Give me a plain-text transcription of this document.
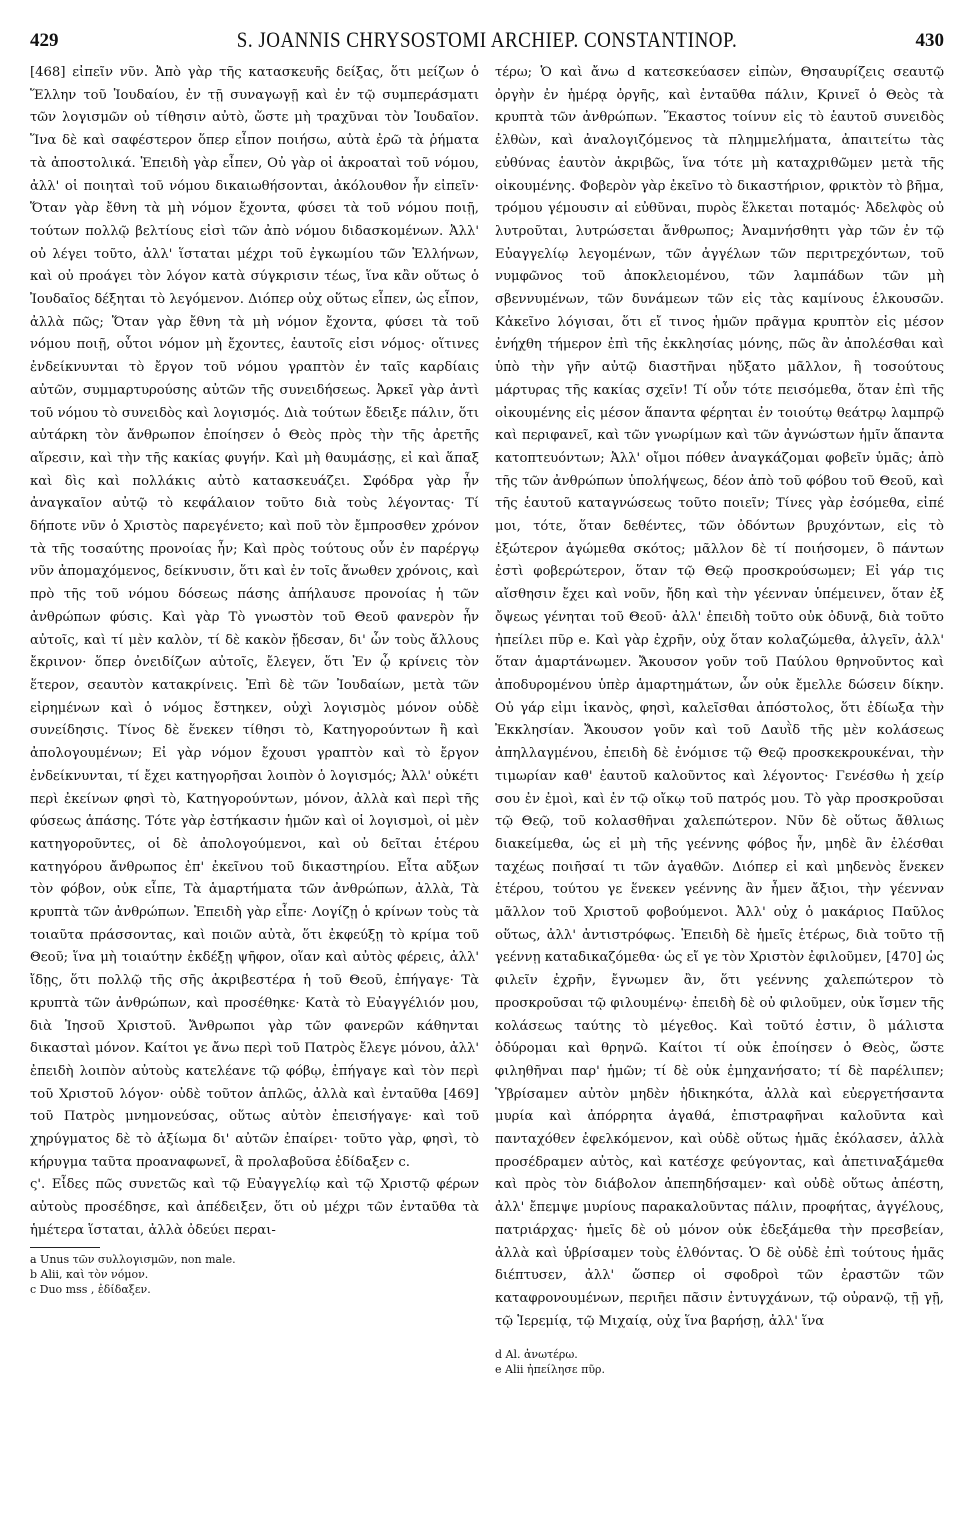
429	S. JOANNIS CHRYSOSTOMI ARCHIEP. CONSTANTINOP.	430

[468] εἰπεῖν νῦν. Ἀπὸ γὰρ τῆς κατασκευῆς δείξας, ὅτι μείζων ὁ Ἕλλην τοῦ Ἰουδαίου, ἐν τῇ συναγωγῇ καὶ ἐν τῷ συμπεράσματι τῶν λογισμῶν οὐ τίθησιν αὐτὸ, ὥστε μὴ τραχῦναι τὸν Ἰουδαῖον. Ἵνα δὲ καὶ σαφέστερον ὅπερ εἶπον ποιήσω, αὐτὰ ἐρῶ τὰ ῥήματα τὰ ἀποστολικά. Ἐπειδὴ γὰρ εἶπεν, Οὐ γὰρ οἱ ἀκροαταὶ τοῦ νόμου, ἀλλ' οἱ ποιηταὶ τοῦ νόμου δικαιωθήσονται, ἀκόλουθον ἦν εἰπεῖν· Ὅταν γὰρ ἔθνη τὰ μὴ νόμον ἔχοντα, φύσει τὰ τοῦ νόμου ποιῇ, τούτων πολλῷ βελτίους εἰσὶ τῶν ἀπὸ νόμου διδασκομένων. Ἀλλ' οὐ λέγει τοῦτο, ἀλλ' ἵσταται μέχρι τοῦ ἐγκωμίου τῶν Ἑλλήνων, καὶ οὐ προάγει τὸν λόγον κατὰ σύγκρισιν τέως, ἵνα κἂν οὕτως ὁ Ἰουδαῖος δέξηται τὸ λεγόμενον. Διόπερ οὐχ οὕτως εἶπεν, ὡς εἶπον, ἀλλὰ πῶς; Ὅταν γὰρ ἔθνη τὰ μὴ νόμον ἔχοντα, φύσει τὰ τοῦ νόμου ποιῇ, οὗτοι νόμον μὴ ἔχοντες, ἑαυτοῖς εἰσι νόμος· οἵτινες ἐνδείκνυνται τὸ ἔργον τοῦ νόμου γραπτὸν ἐν ταῖς καρδίαις αὐτῶν, συμμαρτυρούσης αὐτῶν τῆς συνειδήσεως. Ἀρκεῖ γὰρ ἀντὶ τοῦ νόμου τὸ συνειδὸς καὶ λογισμός. Διὰ τούτων ἔδειξε πάλιν, ὅτι αὐτάρκη τὸν ἄνθρωπον ἐποίησεν ὁ Θεὸς πρὸς τὴν τῆς ἀρετῆς αἵρεσιν, καὶ τὴν τῆς κακίας φυγήν. Καὶ μὴ θαυμάσῃς, εἰ καὶ ἅπαξ καὶ δὶς καὶ πολλάκις αὐτὸ κατασκευάζει. Σφόδρα γὰρ ἦν ἀναγκαῖον αὐτῷ τὸ κεφάλαιον τοῦτο διὰ τοὺς λέγοντας· Τί δήποτε νῦν ὁ Χριστὸς παρεγένετο; καὶ ποῦ τὸν ἔμπροσθεν χρόνον τὰ τῆς τοσαύτης προνοίας ἦν; Καὶ πρὸς τούτους οὖν ἐν παρέργῳ νῦν ἀπομαχόμενος, δείκνυσιν, ὅτι καὶ ἐν τοῖς ἄνωθεν χρόνοις, καὶ πρὸ τῆς τοῦ νόμου δόσεως πάσης ἀπήλαυσε προνοίας ἡ τῶν ἀνθρώπων φύσις. Καὶ γὰρ Τὸ γνωστὸν τοῦ Θεοῦ φανερὸν ἦν αὐτοῖς, καὶ τί μὲν καλὸν, τί δὲ κακὸν ᾔδεσαν, δι' ὧν τοὺς ἄλλους ἔκρινον· ὅπερ ὀνειδίζων αὐτοῖς, ἔλεγεν, ὅτι Ἐν ᾧ κρίνεις τὸν ἕτερον, σεαυτὸν κατακρίνεις. Ἐπὶ δὲ τῶν Ἰουδαίων, μετὰ τῶν εἰρημένων καὶ ὁ νόμος ἔστηκεν, οὐχὶ λογισμὸς μόνον οὐδὲ συνείδησις. Τίνος δὲ ἕνεκεν τίθησι τὸ, Κατηγορούντων ἢ καὶ ἀπολογουμένων; Εἰ γὰρ νόμον ἔχουσι γραπτὸν καὶ τὸ ἔργον ἐνδείκνυνται, τί ἔχει κατηγορῆσαι λοιπὸν ὁ λογισμός; Ἀλλ' οὐκέτι περὶ ἐκείνων φησὶ τὸ, Κατηγορούντων, μόνον, ἀλλὰ καὶ περὶ τῆς φύσεως ἁπάσης. Τότε γὰρ ἐστήκασιν ἡμῶν καὶ οἱ λογισμοὶ, οἱ μὲν κατηγοροῦντες, οἱ δὲ ἀπολογούμενοι, καὶ οὐ δεῖται ἑτέρου κατηγόρου ἄνθρωπος ἐπ' ἐκεῖνου τοῦ δικαστηρίου. Εἶτα αὔξων τὸν φόβον, οὐκ εἶπε, Τὰ ἁμαρτήματα τῶν ἀνθρώπων, ἀλλὰ, Τὰ κρυπτὰ τῶν ἀνθρώπων. Ἐπειδὴ γὰρ εἶπε· Λογίζῃ ὁ κρίνων τοὺς τὰ τοιαῦτα πράσσοντας, καὶ ποιῶν αὐτὰ, ὅτι ἐκφεύξῃ τὸ κρίμα τοῦ Θεοῦ; ἵνα μὴ τοιαύτην ἐκδέξῃ ψῆφον, οἵαν καὶ αὐτὸς φέρεις, ἀλλ' ἴδῃς, ὅτι πολλῷ τῆς σῆς ἀκριβεστέρα ἡ τοῦ Θεοῦ, ἐπήγαγε· Τὰ κρυπτὰ τῶν ἀνθρώπων, καὶ προσέθηκε· Κατὰ τὸ Εὐαγγέλιόν μου, διὰ Ἰησοῦ Χριστοῦ. Ἄνθρωποι γὰρ τῶν φανερῶν κάθηνται δικασταὶ μόνον. Καίτοι γε ἄνω περὶ τοῦ Πατρὸς ἔλεγε μόνου, ἀλλ' ἐπειδὴ λοιπὸν αὐτοὺς κατελέανε τῷ φόβῳ, ἐπήγαγε καὶ τὸν περὶ τοῦ Χριστοῦ λόγον· οὐδὲ τοῦτον ἁπλῶς, ἀλλὰ καὶ ἐνταῦθα [469] τοῦ Πατρὸς μνημονεύσας, οὕτως αὐτὸν ἐπεισήγαγε· καὶ τοῦ χηρύγματος δὲ τὸ ἀξίωμα δι' αὐτῶν ἐπαίρει· τοῦτο γὰρ, φησὶ, τὸ κήρυγμα ταῦτα προαναφωνεῖ, ἃ προλαβοῦσα ἐδίδαξεν c.

ς'. Εἶδες πῶς συνετῶς καὶ τῷ Εὐαγγελίῳ καὶ τῷ Χριστῷ φέρων αὐτοὺς προσέδησε, καὶ ἀπέδειξεν, ὅτι οὐ μέχρι τῶν ἐνταῦθα τὰ ἡμέτερα ἵσταται, ἀλλὰ ὀδεύει περαι-

a Unus τῶν συλλογισμῶν, non male.
b Alii, καὶ τὸν νόμον.
c Duo mss , ἐδίδαξεν.

τέρω; Ὁ καὶ ἄνω d κατεσκεύασεν εἰπὼν, Θησαυρίζεις σεαυτῷ ὀργὴν ἐν ἡμέρᾳ ὀργῆς, καὶ ἐνταῦθα πάλιν, Κρινεῖ ὁ Θεὸς τὰ κρυπτὰ τῶν ἀνθρώπων. Ἕκαστος τοίνυν εἰς τὸ ἑαυτοῦ συνειδὸς ἐλθὼν, καὶ ἀναλογιζόμενος τὰ πλημμελήματα, ἀπαιτείτω τὰς εὐθύνας ἑαυτὸν ἀκριβῶς, ἵνα τότε μὴ καταχριθῶμεν μετὰ τῆς οἰκουμένης. Φοβερὸν γὰρ ἐκεῖνο τὸ δικαστήριον, φρικτὸν τὸ βῆμα, τρόμου γέμουσιν αἱ εὐθῦναι, πυρὸς ἕλκεται ποταμός· Ἀδελφὸς οὐ λυτροῦται, λυτρώσεται ἄνθρωπος; Ἀναμνήσθητι γὰρ τῶν ἐν τῷ Εὐαγγελίῳ λεγομένων, τῶν ἀγγέλων τῶν περιτρεχόντων, τοῦ νυμφῶνος τοῦ ἀποκλειομένου, τῶν λαμπάδων τῶν μὴ σβεννυμένων, τῶν δυνάμεων τῶν εἰς τὰς καμίνους ἑλκουσῶν. Κἀκεῖνο λόγισαι, ὅτι εἴ τινος ἡμῶν πρᾶγμα κρυπτὸν εἰς μέσον ἐνήχθη τήμερον ἐπὶ τῆς ἐκκλησίας μόνης, πῶς ἂν ἀπολέσθαι καὶ ὑπὸ τὴν γῆν αὐτῷ διαστῆναι ηὔξατο μᾶλλον, ἢ τοσούτους μάρτυρας τῆς κακίας σχεῖν! Τί οὖν τότε πεισόμεθα, ὅταν ἐπὶ τῆς οἰκουμένης εἰς μέσον ἅπαντα φέρηται ἐν τοιούτῳ θεάτρῳ λαμπρῷ καὶ περιφανεῖ, καὶ τῶν γνωρίμων καὶ τῶν ἀγνώστων ἡμῖν ἅπαντα κατοπτευόντων; Ἀλλ' οἴμοι πόθεν ἀναγκάζομαι φοβεῖν ὑμᾶς; ἀπὸ τῆς τῶν ἀνθρώπων ὑπολήψεως, δέον ἀπὸ τοῦ φόβου τοῦ Θεοῦ, καὶ τῆς ἑαυτοῦ καταγνώσεως τοῦτο ποιεῖν; Τίνες γὰρ ἐσόμεθα, εἰπέ μοι, τότε, ὅταν δεθέντες, τῶν ὀδόντων βρυχόντων, εἰς τὸ ἐξώτερον ἀγώμεθα σκότος; μᾶλλον δὲ τί ποιήσομεν, ὃ πάντων ἐστὶ φοβερώτερον, ὅταν τῷ Θεῷ προσκρούσωμεν; Εἰ γάρ τις αἴσθησιν ἔχει καὶ νοῦν, ἤδη καὶ τὴν γέενναν ὑπέμεινεν, ὅταν ἐξ ὄψεως γένηται τοῦ Θεοῦ· ἀλλ' ἐπειδὴ τοῦτο οὐκ ὀδυνᾷ, διὰ τοῦτο ἠπείλει πῦρ e. Καὶ γὰρ ἐχρῆν, οὐχ ὅταν κολαζώμεθα, ἀλγεῖν, ἀλλ' ὅταν ἁμαρτάνωμεν. Ἄκουσον γοῦν τοῦ Παύλου θρηνοῦντος καὶ ἀποδυρομένου ὑπὲρ ἁμαρτημάτων, ὧν οὐκ ἔμελλε δώσειν δίκην. Οὐ γάρ εἰμι ἱκανὸς, φησὶ, καλεῖσθαι ἀπόστολος, ὅτι ἐδίωξα τὴν Ἐκκλησίαν. Ἄκουσον γοῦν καὶ τοῦ Δαυῒδ τῆς μὲν κολάσεως ἀπηλλαγμένου, ἐπειδὴ δὲ ἐνόμισε τῷ Θεῷ προσκεκρουκέναι, τὴν τιμωρίαν καθ' ἑαυτοῦ καλοῦντος καὶ λέγοντος· Γενέσθω ἡ χείρ σου ἐν ἐμοὶ, καὶ ἐν τῷ οἴκῳ τοῦ πατρός μου. Τὸ γὰρ προσκροῦσαι τῷ Θεῷ, τοῦ κολασθῆναι χαλεπώτερον. Νῦν δὲ οὕτως ἄθλιως διακείμεθα, ὡς εἰ μὴ τῆς γεέννης φόβος ἦν, μηδὲ ἂν ἑλέσθαι ταχέως ποιῆσαί τι τῶν ἀγαθῶν. Διόπερ εἰ καὶ μηδενὸς ἕνεκεν ἑτέρου, τούτου γε ἕνεκεν γεέννης ἂν ἦμεν ἄξιοι, τὴν γέενναν μᾶλλον τοῦ Χριστοῦ φοβούμενοι. Ἀλλ' οὐχ ὁ μακάριος Παῦλος οὕτως, ἀλλ' ἀντιστρόφως. Ἐπειδὴ δὲ ἡμεῖς ἑτέρως, διὰ τοῦτο τῇ γεέννῃ καταδικαζόμεθα· ὡς εἴ γε τὸν Χριστὸν ἐφιλοῦμεν, [470] ὡς φιλεῖν ἐχρῆν, ἔγνωμεν ἂν, ὅτι γεέννης χαλεπώτερον τὸ προσκροῦσαι τῷ φιλουμένῳ· ἐπειδὴ δὲ οὐ φιλοῦμεν, οὐκ ἴσμεν τῆς κολάσεως ταύτης τὸ μέγεθος. Καὶ τοῦτό ἐστιν, ὃ μάλιστα ὀδύρομαι καὶ θρηνῶ. Καίτοι τί οὐκ ἐποίησεν ὁ Θεὸς, ὥστε φιληθῆναι παρ' ἡμῶν; τί δὲ οὐκ ἐμηχανήσατο; τί δὲ παρέλιπεν; Ὑβρίσαμεν αὐτὸν μηδὲν ἠδικηκότα, ἀλλὰ καὶ εὐεργετήσαντα μυρία καὶ ἀπόρρητα ἀγαθά, ἐπιστραφῆναι καλοῦντα καὶ πανταχόθεν ἐφελκόμενον, καὶ οὐδὲ οὕτως ἡμᾶς ἐκόλασεν, ἀλλὰ προσέδραμεν αὐτὸς, καὶ κατέσχε φεύγοντας, καὶ ἀπετιναξάμεθα καὶ πρὸς τὸν διάβολον ἀπεπηδήσαμεν· καὶ οὐδὲ οὕτως ἀπέστη, ἀλλ' ἔπεμψε μυρίους παρακαλοῦντας πάλιν, προφήτας, ἀγγέλους, πατριάρχας· ἡμεῖς δὲ οὐ μόνον οὐκ ἐδεξάμεθα τὴν πρεσβείαν, ἀλλὰ καὶ ὑβρίσαμεν τοὺς ἐλθόντας. Ὁ δὲ οὐδὲ ἐπὶ τούτους ἡμᾶς διέπτυσεν, ἀλλ' ὥσπερ οἱ σφοδροὶ τῶν ἐραστῶν τῶν καταφρονουμένων, περιῆει πᾶσιν ἐντυγχάνων, τῷ οὐρανῷ, τῇ γῇ, τῷ Ἱερεμίᾳ, τῷ Μιχαίᾳ, οὐχ ἵνα βαρήσῃ, ἀλλ' ἵνα

d Al. ἀνωτέρω.
e Alii ἠπείλησε πῦρ.
